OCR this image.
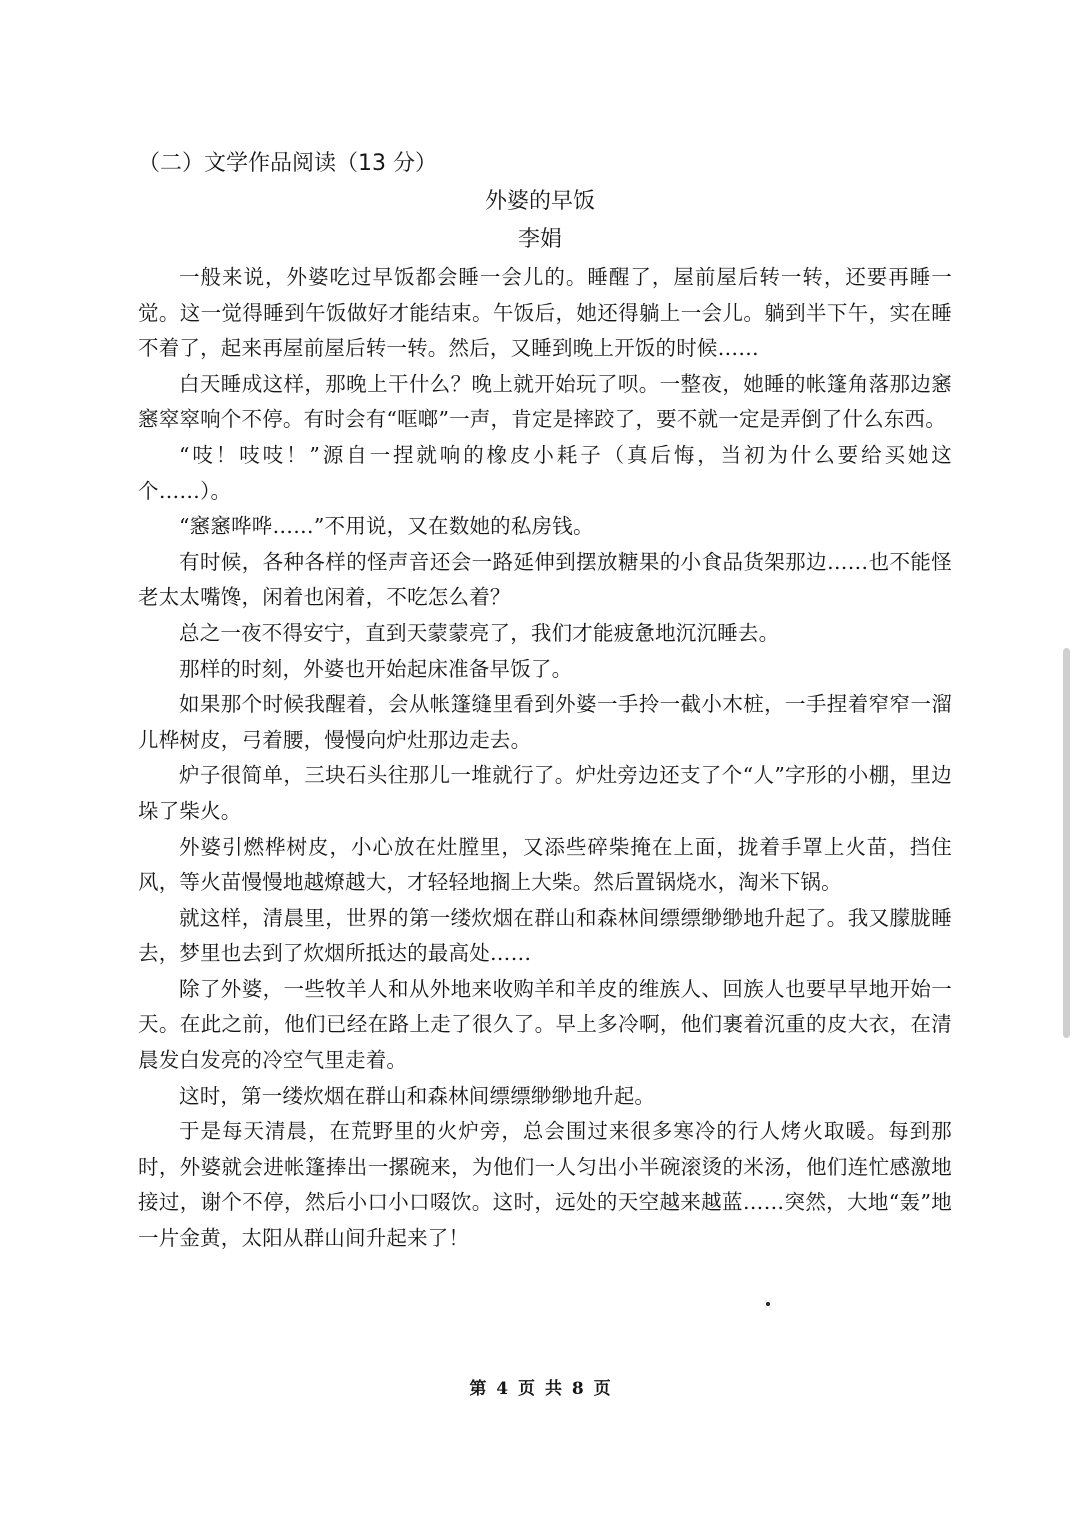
（二）文学作品阅读（13 分）
外婆的早饭
李娟

一般来说，外婆吃过早饭都会睡一会儿的。睡醒了，屋前屋后转一转，还要再睡一觉。这一觉得睡到午饭做好才能结束。午饭后，她还得躺上一会儿。躺到半下午，实在睡不着了，起来再屋前屋后转一转。然后，又睡到晚上开饭的时候……

白天睡成这样，那晚上干什么？晚上就开始玩了呗。一整夜，她睡的帐篷角落那边窸窸窣窣响个不停。有时会有“哐啷”一声，肯定是摔跤了，要不就一定是弄倒了什么东西。

“吱！吱吱！”源自一捏就响的橡皮小耗子（真后悔，当初为什么要给买她这个……）。

“窸窸哗哗……”不用说，又在数她的私房钱。

有时候，各种各样的怪声音还会一路延伸到摆放糖果的小食品货架那边……也不能怪老太太嘴馋，闲着也闲着，不吃怎么着？

总之一夜不得安宁，直到天蒙蒙亮了，我们才能疲惫地沉沉睡去。

那样的时刻，外婆也开始起床准备早饭了。

如果那个时候我醒着，会从帐篷缝里看到外婆一手拎一截小木桩，一手捏着窄窄一溜儿桦树皮，弓着腰，慢慢向炉灶那边走去。

炉子很简单，三块石头往那儿一堆就行了。炉灶旁边还支了个“人”字形的小棚，里边垛了柴火。

外婆引燃桦树皮，小心放在灶膛里，又添些碎柴掩在上面，拢着手罩上火苗，挡住风，等火苗慢慢地越燎越大，才轻轻地搁上大柴。然后置锅烧水，淘米下锅。

就这样，清晨里，世界的第一缕炊烟在群山和森林间缥缥缈缈地升起了。我又朦胧睡去，梦里也去到了炊烟所抵达的最高处……

除了外婆，一些牧羊人和从外地来收购羊和羊皮的维族人、回族人也要早早地开始一天。在此之前，他们已经在路上走了很久了。早上多冷啊，他们裹着沉重的皮大衣，在清晨发白发亮的冷空气里走着。

这时，第一缕炊烟在群山和森林间缥缥缈缈地升起。

于是每天清晨，在荒野里的火炉旁，总会围过来很多寒冷的行人烤火取暖。每到那时，外婆就会进帐篷捧出一摞碗来，为他们一人匀出小半碗滚烫的米汤，他们连忙感激地接过，谢个不停，然后小口小口啜饮。这时，远处的天空越来越蓝……突然，大地“轰”地一片金黄，太阳从群山间升起来了！

第 4 页 共 8 页
